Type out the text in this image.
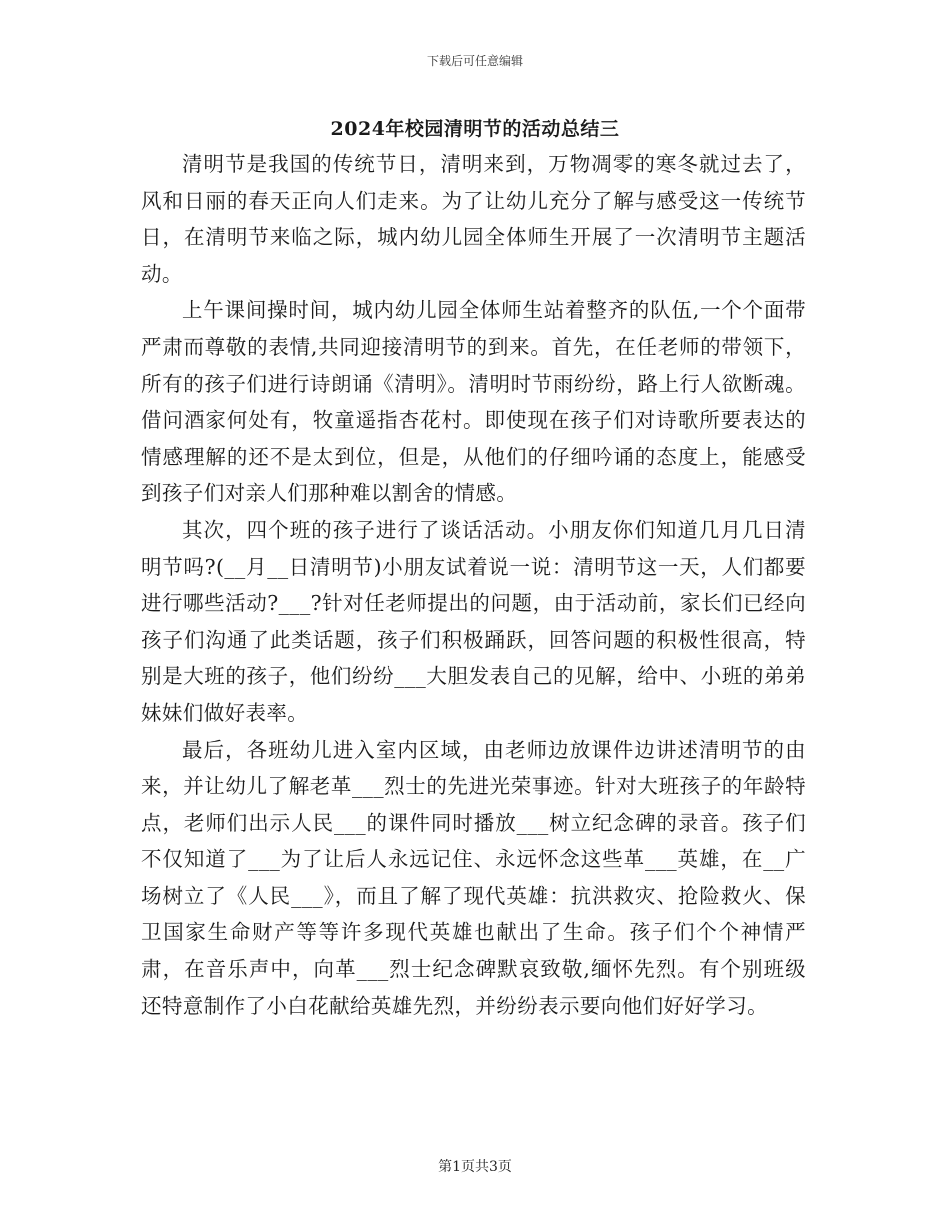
下载后可任意编辑
2024年校园清明节的活动总结三

清明节是我国的传统节日，清明来到，万物凋零的寒冬就过去了，风和日丽的春天正向人们走来。为了让幼儿充分了解与感受这一传统节日，在清明节来临之际，城内幼儿园全体师生开展了一次清明节主题活动。

上午课间操时间，城内幼儿园全体师生站着整齐的队伍,一个个面带严肃而尊敬的表情,共同迎接清明节的到来。首先，在任老师的带领下，所有的孩子们进行诗朗诵《清明》。清明时节雨纷纷，路上行人欲断魂。借问酒家何处有，牧童遥指杏花村。即使现在孩子们对诗歌所要表达的情感理解的还不是太到位，但是，从他们的仔细吟诵的态度上，能感受到孩子们对亲人们那种难以割舍的情感。

其次，四个班的孩子进行了谈话活动。小朋友你们知道几月几日清明节吗?(__月__日清明节)小朋友试着说一说：清明节这一天，人们都要进行哪些活动?___?针对任老师提出的问题，由于活动前，家长们已经向孩子们沟通了此类话题，孩子们积极踊跃，回答问题的积极性很高，特别是大班的孩子，他们纷纷___大胆发表自己的见解，给中、小班的弟弟妹妹们做好表率。

最后，各班幼儿进入室内区域，由老师边放课件边讲述清明节的由来，并让幼儿了解老革___烈士的先进光荣事迹。针对大班孩子的年龄特点，老师们出示人民___的课件同时播放___树立纪念碑的录音。孩子们不仅知道了___为了让后人永远记住、永远怀念这些革___英雄，在__广场树立了《人民___》，而且了解了现代英雄：抗洪救灾、抢险救火、保卫国家生命财产等等许多现代英雄也献出了生命。孩子们个个神情严肃，在音乐声中，向革___烈士纪念碑默哀致敬,缅怀先烈。有个别班级还特意制作了小白花献给英雄先烈，并纷纷表示要向他们好好学习。

第1页共3页
